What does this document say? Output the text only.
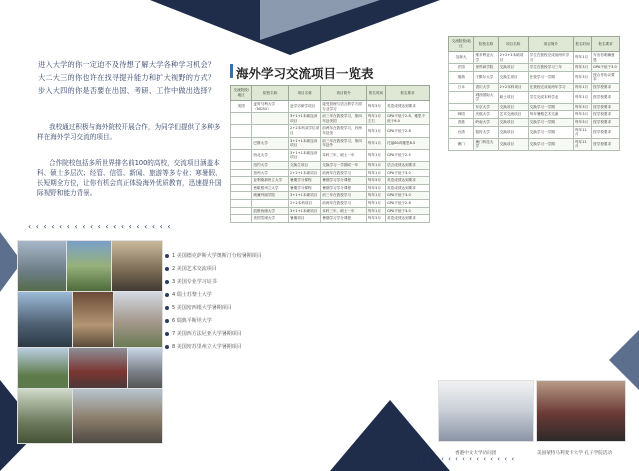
进入大学的你一定迫不及待想了解大学各种学习机会？
大二大三的你也许在找寻提升能力和扩大视野的方式？
步入大四的你是否要在出国、考研、工作中做出选择？
我校通过积极与海外院校开展合作，为同学们提供了多种多样在海外学习交流的项目。
合作院校包括多所世界排名前100的高校，交流项目涵盖本科、硕士多层次；经管、信管、新闻、旅游等多专业；寒暑假、长短期全方位，让你有机会真正体验海外优质教育，迅速提升国际视野和能力背景。
‹ ‹ ‹ ‹ ‹ ‹ ‹ ‹ ‹ ‹ ‹ ‹ ‹ ‹ ‹ ‹ ‹ ‹ ‹
1 美国德克萨斯大学奥斯汀分校暑期项目
2 美国艺术交流项目
3 美国专业学习证书
4 瑞士苏黎士大学
5 美国密西根大学暑期项目
6 瑞典平斯坦大学
7 美国西方法尼亚大学暑期项目
8 美国密苏里州立大学暑期项目
海外学习交流项目一览表
交流院校/地区	院校名称	项目名称	项目简介	报名时间	报名要求
美国	麦哥马利大学（NCSU）	赴学访研学项目	接受管理与语言教学方面专业学习	每年3月	英语成绩达到要求
		3+1+1本硕连读项目	前三年在我校学习，第四年赴美国	每年1月左右	GPA不低于2.8，雅思不低于6.0
		2+2本科双学位项目	前两年在我校学习，后两年赴美	每年1月	GPA不低于2.8
	巴斯大学	3+1+1本硕连读项目	前三年在我校学习，第四年赴外	每年1月	托福80或雅思6.5
	西北大学	3+1+1本硕连读项目	本科三年，硕士一年	每年1月	GPA不低于2.5
	纽约大学	交换生项目	交换学习一学期或一年	每年1月	语言成绩达到要求
	加州大学	2+2+1本硕项目	前两年在我校学习	每年1月	GPA不低于3.0
	亚利桑那州立大学	暑期学分课程	暑期学习学分课程	每年3月	英语成绩达到要求
	密歇根州立大学	暑期学分课程	暑期学习学分课程	每年3月	英语成绩达到要求
	威廉玛丽学院	3+1+1本硕项目	前三年在我校学习	每年1月	GPA不低于3.0
		2+2本科项目	前两年在我校学习	每年1月	GPA不低于2.8
	凯斯西储大学	3+1+1本硕项目	本科三年，硕士一年	每年1月	GPA不低于3.0
	美国雪城大学	暑期项目	暑期学习学分课程	每年3月	英语成绩达到要求
交流院校/地区	院校名称	项目名称	项目简介	报名时间	报名要求
加拿大	维多利亚大学	2+2+1本硕项目	学生在我校完成前两年学习	每年1月	写出有明确意愿
法国	里昂商学院	交换项目	学生在我校学习三年	每年3月	GPA不低于3.0
瑞典	于默尔大学	交换生项目	在校学习一学期	每年3月	按合作协议要求
日本	香川大学	2+2本科项目	在我校完成前两年学习	每年1月	按学校要求
	城西国际大学	硕士项目	学生完成本科学业	每年1月	按学校要求
	东京大学	交换项目	交换学习一学期	每年3月	按学校要求
韩国	庆熙大学	艺术交流项目	每年暑期艺术交流	每年3月	按学校要求
香港	岭南大学	交换项目	交换学习一学期	每年3月	按学校要求
台湾	铭传大学	交换项目	交换学习一学期	每年11月	按学校要求
澳门	澳门科技大学	交换项目	交换学习一学期	每年11月	按学校要求
香港中文大学访问团	美国蒙特马利麦卡大学 孔子学院活动
‹ ‹ ‹ ‹ ‹ ‹ ‹ ‹ ‹ ‹ ‹ ‹ ‹ ‹
